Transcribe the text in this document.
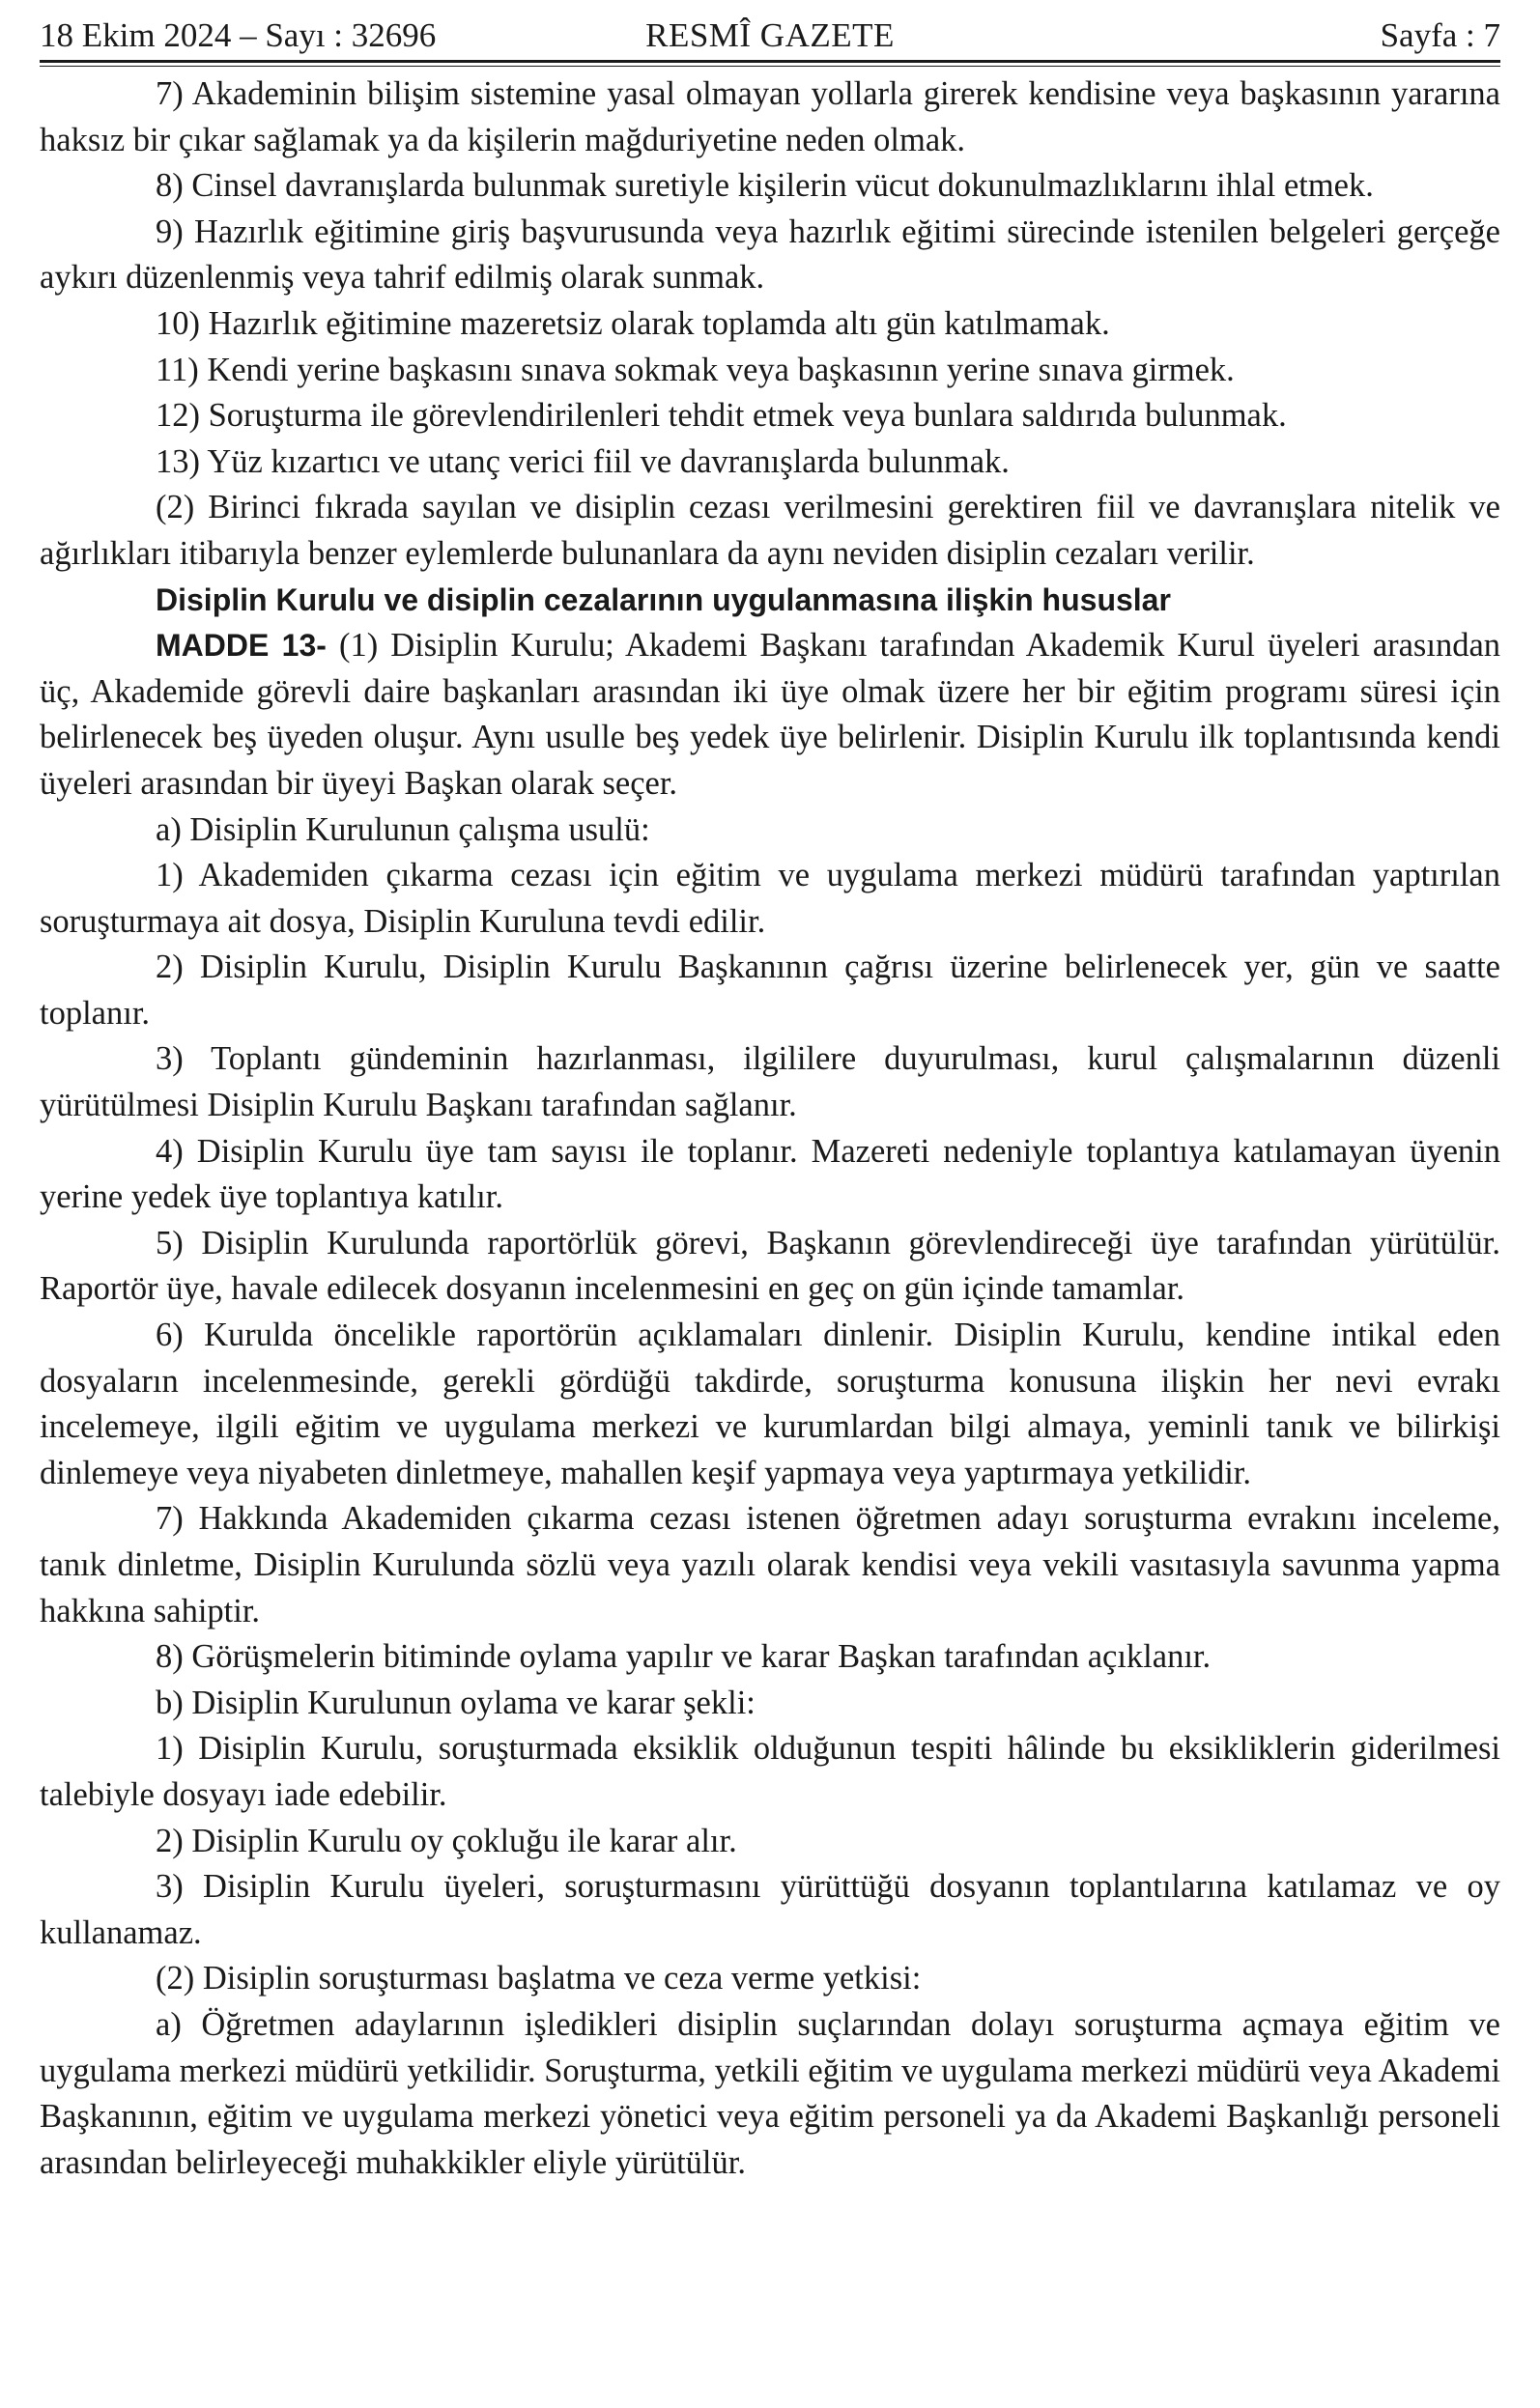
18 Ekim 2024 – Sayı : 32696	RESMÎ GAZETE	Sayfa : 7

7) Akademinin bilişim sistemine yasal olmayan yollarla girerek kendisine veya başkasının yararına haksız bir çıkar sağlamak ya da kişilerin mağduriyetine neden olmak.

8) Cinsel davranışlarda bulunmak suretiyle kişilerin vücut dokunulmazlıklarını ihlal etmek.

9) Hazırlık eğitimine giriş başvurusunda veya hazırlık eğitimi sürecinde istenilen belgeleri gerçeğe aykırı düzenlenmiş veya tahrif edilmiş olarak sunmak.

10) Hazırlık eğitimine mazeretsiz olarak toplamda altı gün katılmamak.

11) Kendi yerine başkasını sınava sokmak veya başkasının yerine sınava girmek.

12) Soruşturma ile görevlendirilenleri tehdit etmek veya bunlara saldırıda bulunmak.

13) Yüz kızartıcı ve utanç verici fiil ve davranışlarda bulunmak.

(2) Birinci fıkrada sayılan ve disiplin cezası verilmesini gerektiren fiil ve davranışlara nitelik ve ağırlıkları itibarıyla benzer eylemlerde bulunanlara da aynı neviden disiplin cezaları verilir.

Disiplin Kurulu ve disiplin cezalarının uygulanmasına ilişkin hususlar

MADDE 13- (1) Disiplin Kurulu; Akademi Başkanı tarafından Akademik Kurul üyeleri arasından üç, Akademide görevli daire başkanları arasından iki üye olmak üzere her bir eğitim programı süresi için belirlenecek beş üyeden oluşur. Aynı usulle beş yedek üye belirlenir. Disiplin Kurulu ilk toplantısında kendi üyeleri arasından bir üyeyi Başkan olarak seçer.

a) Disiplin Kurulunun çalışma usulü:

1) Akademiden çıkarma cezası için eğitim ve uygulama merkezi müdürü tarafından yaptırılan soruşturmaya ait dosya, Disiplin Kuruluna tevdi edilir.

2) Disiplin Kurulu, Disiplin Kurulu Başkanının çağrısı üzerine belirlenecek yer, gün ve saatte toplanır.

3) Toplantı gündeminin hazırlanması, ilgililere duyurulması, kurul çalışmalarının düzenli yürütülmesi Disiplin Kurulu Başkanı tarafından sağlanır.

4) Disiplin Kurulu üye tam sayısı ile toplanır. Mazereti nedeniyle toplantıya katılamayan üyenin yerine yedek üye toplantıya katılır.

5) Disiplin Kurulunda raportörlük görevi, Başkanın görevlendireceği üye tarafından yürütülür. Raportör üye, havale edilecek dosyanın incelenmesini en geç on gün içinde tamamlar.

6) Kurulda öncelikle raportörün açıklamaları dinlenir. Disiplin Kurulu, kendine intikal eden dosyaların incelenmesinde, gerekli gördüğü takdirde, soruşturma konusuna ilişkin her nevi evrakı incelemeye, ilgili eğitim ve uygulama merkezi ve kurumlardan bilgi almaya, yeminli tanık ve bilirkişi dinlemeye veya niyabeten dinletmeye, mahallen keşif yapmaya veya yaptırmaya yetkilidir.

7) Hakkında Akademiden çıkarma cezası istenen öğretmen adayı soruşturma evrakını inceleme, tanık dinletme, Disiplin Kurulunda sözlü veya yazılı olarak kendisi veya vekili vasıtasıyla savunma yapma hakkına sahiptir.

8) Görüşmelerin bitiminde oylama yapılır ve karar Başkan tarafından açıklanır.

b) Disiplin Kurulunun oylama ve karar şekli:

1) Disiplin Kurulu, soruşturmada eksiklik olduğunun tespiti hâlinde bu eksikliklerin giderilmesi talebiyle dosyayı iade edebilir.

2) Disiplin Kurulu oy çokluğu ile karar alır.

3) Disiplin Kurulu üyeleri, soruşturmasını yürüttüğü dosyanın toplantılarına katılamaz ve oy kullanamaz.

(2) Disiplin soruşturması başlatma ve ceza verme yetkisi:

a) Öğretmen adaylarının işledikleri disiplin suçlarından dolayı soruşturma açmaya eğitim ve uygulama merkezi müdürü yetkilidir. Soruşturma, yetkili eğitim ve uygulama merkezi müdürü veya Akademi Başkanının, eğitim ve uygulama merkezi yönetici veya eğitim personeli ya da Akademi Başkanlığı personeli arasından belirleyeceği muhakkikler eliyle yürütülür.
